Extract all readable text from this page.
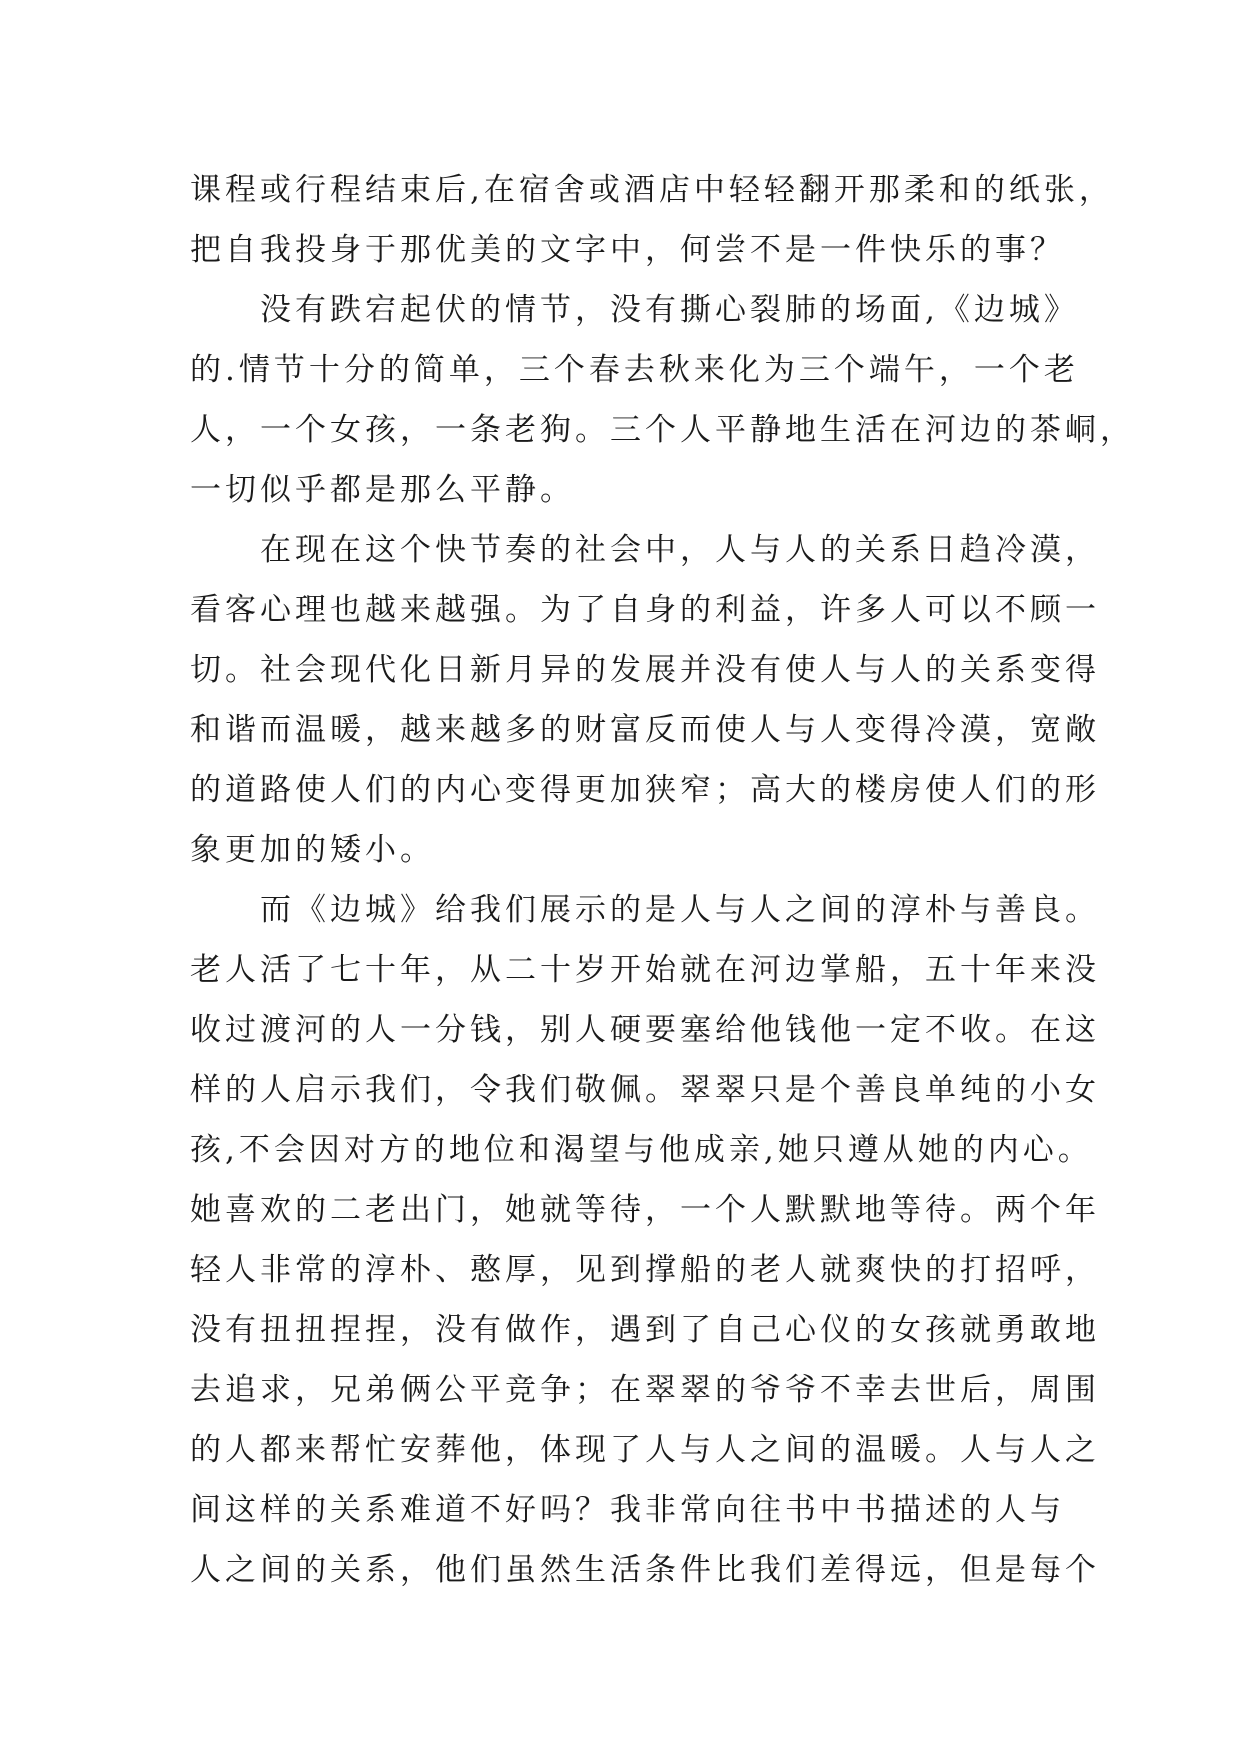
课程或行程结束后,在宿舍或酒店中轻轻翻开那柔和的纸张，
把自我投身于那优美的文字中，何尝不是一件快乐的事？
没有跌宕起伏的情节，没有撕心裂肺的场面,《边城》
的.情节十分的简单，三个春去秋来化为三个端午，一个老
人，一个女孩，一条老狗。三个人平静地生活在河边的茶峒，
一切似乎都是那么平静。
在现在这个快节奏的社会中，人与人的关系日趋冷漠，
看客心理也越来越强。为了自身的利益，许多人可以不顾一
切。社会现代化日新月异的发展并没有使人与人的关系变得
和谐而温暖，越来越多的财富反而使人与人变得冷漠，宽敞
的道路使人们的内心变得更加狭窄；高大的楼房使人们的形
象更加的矮小。
而《边城》给我们展示的是人与人之间的淳朴与善良。
老人活了七十年，从二十岁开始就在河边掌船，五十年来没
收过渡河的人一分钱，别人硬要塞给他钱他一定不收。在这
样的人启示我们，令我们敬佩。翠翠只是个善良单纯的小女
孩,不会因对方的地位和渴望与他成亲,她只遵从她的内心。
她喜欢的二老出门，她就等待，一个人默默地等待。两个年
轻人非常的淳朴、憨厚，见到撑船的老人就爽快的打招呼，
没有扭扭捏捏，没有做作，遇到了自己心仪的女孩就勇敢地
去追求，兄弟俩公平竞争；在翠翠的爷爷不幸去世后，周围
的人都来帮忙安葬他，体现了人与人之间的温暖。人与人之
间这样的关系难道不好吗？我非常向往书中书描述的人与
人之间的关系，他们虽然生活条件比我们差得远，但是每个
